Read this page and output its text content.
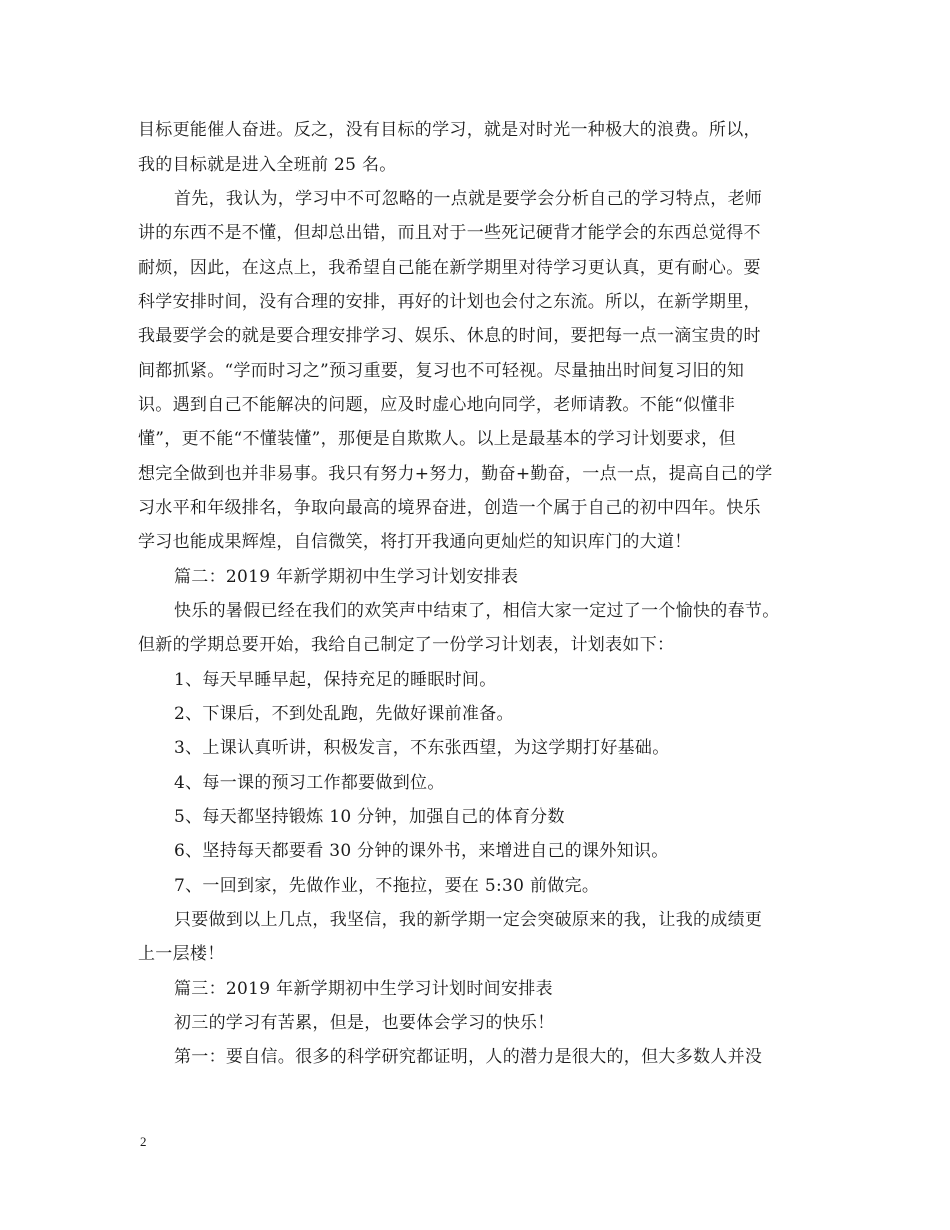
目标更能催人奋进。反之，没有目标的学习，就是对时光一种极大的浪费。所以，
我的目标就是进入全班前 25 名。
首先，我认为，学习中不可忽略的一点就是要学会分析自己的学习特点，老师
讲的东西不是不懂，但却总出错，而且对于一些死记硬背才能学会的东西总觉得不
耐烦，因此，在这点上，我希望自己能在新学期里对待学习更认真，更有耐心。要
科学安排时间，没有合理的安排，再好的计划也会付之东流。所以，在新学期里，
我最要学会的就是要合理安排学习、娱乐、休息的时间，要把每一点一滴宝贵的时
间都抓紧。“学而时习之”预习重要，复习也不可轻视。尽量抽出时间复习旧的知
识。遇到自己不能解决的问题，应及时虚心地向同学，老师请教。不能“似懂非
懂”，更不能“不懂装懂”，那便是自欺欺人。以上是最基本的学习计划要求，但
想完全做到也并非易事。我只有努力+努力，勤奋+勤奋，一点一点，提高自己的学
习水平和年级排名，争取向最高的境界奋进，创造一个属于自己的初中四年。快乐
学习也能成果辉煌，自信微笑，将打开我通向更灿烂的知识库门的大道！
篇二：2019 年新学期初中生学习计划安排表
快乐的暑假已经在我们的欢笑声中结束了，相信大家一定过了一个愉快的春节。
但新的学期总要开始，我给自己制定了一份学习计划表，计划表如下：
1、每天早睡早起，保持充足的睡眠时间。
2、下课后，不到处乱跑，先做好课前准备。
3、上课认真听讲，积极发言，不东张西望，为这学期打好基础。
4、每一课的预习工作都要做到位。
5、每天都坚持锻炼 10 分钟，加强自己的体育分数
6、坚持每天都要看 30 分钟的课外书，来增进自己的课外知识。
7、一回到家，先做作业，不拖拉，要在 5:30 前做完。
只要做到以上几点，我坚信，我的新学期一定会突破原来的我，让我的成绩更
上一层楼！
篇三：2019 年新学期初中生学习计划时间安排表
初三的学习有苦累，但是，也要体会学习的快乐！
第一：要自信。很多的科学研究都证明，人的潜力是很大的，但大多数人并没
2
